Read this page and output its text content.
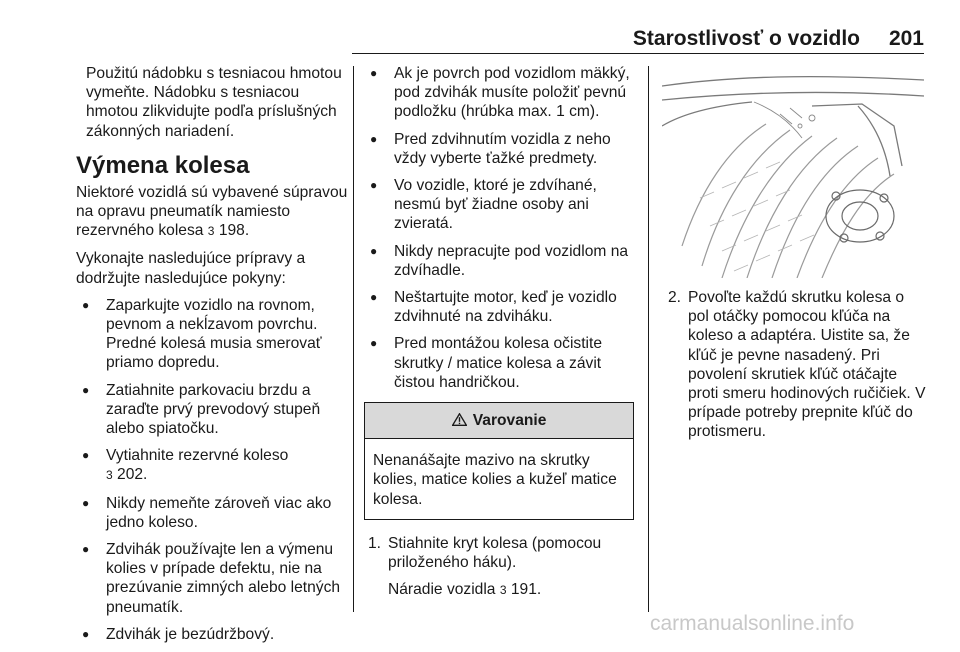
Starostlivosť o vozidlo 201

Použitú nádobku s tesniacou hmotou vymeňte. Nádobku s tesniacou hmotou zlikvidujte podľa príslušných zákonných nariadení.

Výmena kolesa

Niektoré vozidlá sú vybavené súpravou na opravu pneumatík namiesto rezervného kolesa 3 198.

Vykonajte nasledujúce prípravy a dodržujte nasledujúce pokyny:

● Zaparkujte vozidlo na rovnom, pevnom a nekĺzavom povrchu. Predné kolesá musia smerovať priamo dopredu.
● Zatiahnite parkovaciu brzdu a zaraďte prvý prevodový stupeň alebo spiatočku.
● Vytiahnite rezervné koleso
3 202.
● Nikdy nemeňte zároveň viac ako jedno koleso.
● Zdvihák používajte len a výmenu kolies v prípade defektu, nie na prezúvanie zimných alebo letných pneumatík.
● Zdvihák je bezúdržbový.
● Ak je povrch pod vozidlom mäkký, pod zdvihák musíte položiť pevnú podložku (hrúbka max. 1 cm).
● Pred zdvihnutím vozidla z neho vždy vyberte ťažké predmety.
● Vo vozidle, ktoré je zdvíhané, nesmú byť žiadne osoby ani zvieratá.
● Nikdy nepracujte pod vozidlom na zdvíhadle.
● Neštartujte motor, keď je vozidlo zdvihnuté na zdviháku.
● Pred montážou kolesa očistite skrutky / matice kolesa a závit čistou handričkou.
Varovanie
Nenanášajte mazivo na skrutky kolies, matice kolies a kužeľ matice kolesa.
1. Stiahnite kryt kolesa (pomocou priloženého háku).
Náradie vozidla 3 191.
2. Povoľte každú skrutku kolesa o pol otáčky pomocou kľúča na koleso a adaptéra. Uistite sa, že kľúč je pevne nasadený. Pri povolení skrutiek kľúč otáčajte proti smeru hodinových ručičiek. V prípade potreby prepnite kľúč do protismeru.
carmanualsonline.info
